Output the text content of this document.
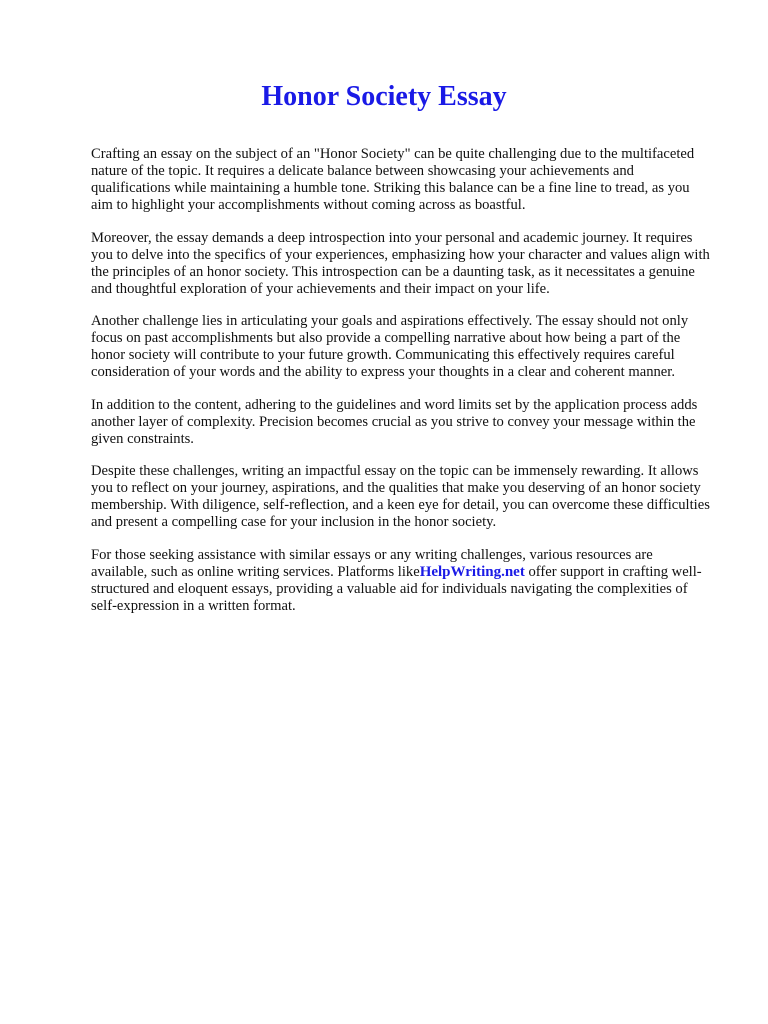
Honor Society Essay

Crafting an essay on the subject of an "Honor Society" can be quite challenging due to the multifaceted nature of the topic. It requires a delicate balance between showcasing your achievements and qualifications while maintaining a humble tone. Striking this balance can be a fine line to tread, as you aim to highlight your accomplishments without coming across as boastful.

Moreover, the essay demands a deep introspection into your personal and academic journey. It requires you to delve into the specifics of your experiences, emphasizing how your character and values align with the principles of an honor society. This introspection can be a daunting task, as it necessitates a genuine and thoughtful exploration of your achievements and their impact on your life.

Another challenge lies in articulating your goals and aspirations effectively. The essay should not only focus on past accomplishments but also provide a compelling narrative about how being a part of the honor society will contribute to your future growth. Communicating this effectively requires careful consideration of your words and the ability to express your thoughts in a clear and coherent manner.

In addition to the content, adhering to the guidelines and word limits set by the application process adds another layer of complexity. Precision becomes crucial as you strive to convey your message within the given constraints.

Despite these challenges, writing an impactful essay on the topic can be immensely rewarding. It allows you to reflect on your journey, aspirations, and the qualities that make you deserving of an honor society membership. With diligence, self-reflection, and a keen eye for detail, you can overcome these difficulties and present a compelling case for your inclusion in the honor society.

For those seeking assistance with similar essays or any writing challenges, various resources are available, such as online writing services. Platforms likeHelpWriting.net offer support in crafting well-structured and eloquent essays, providing a valuable aid for individuals navigating the complexities of self-expression in a written format.
